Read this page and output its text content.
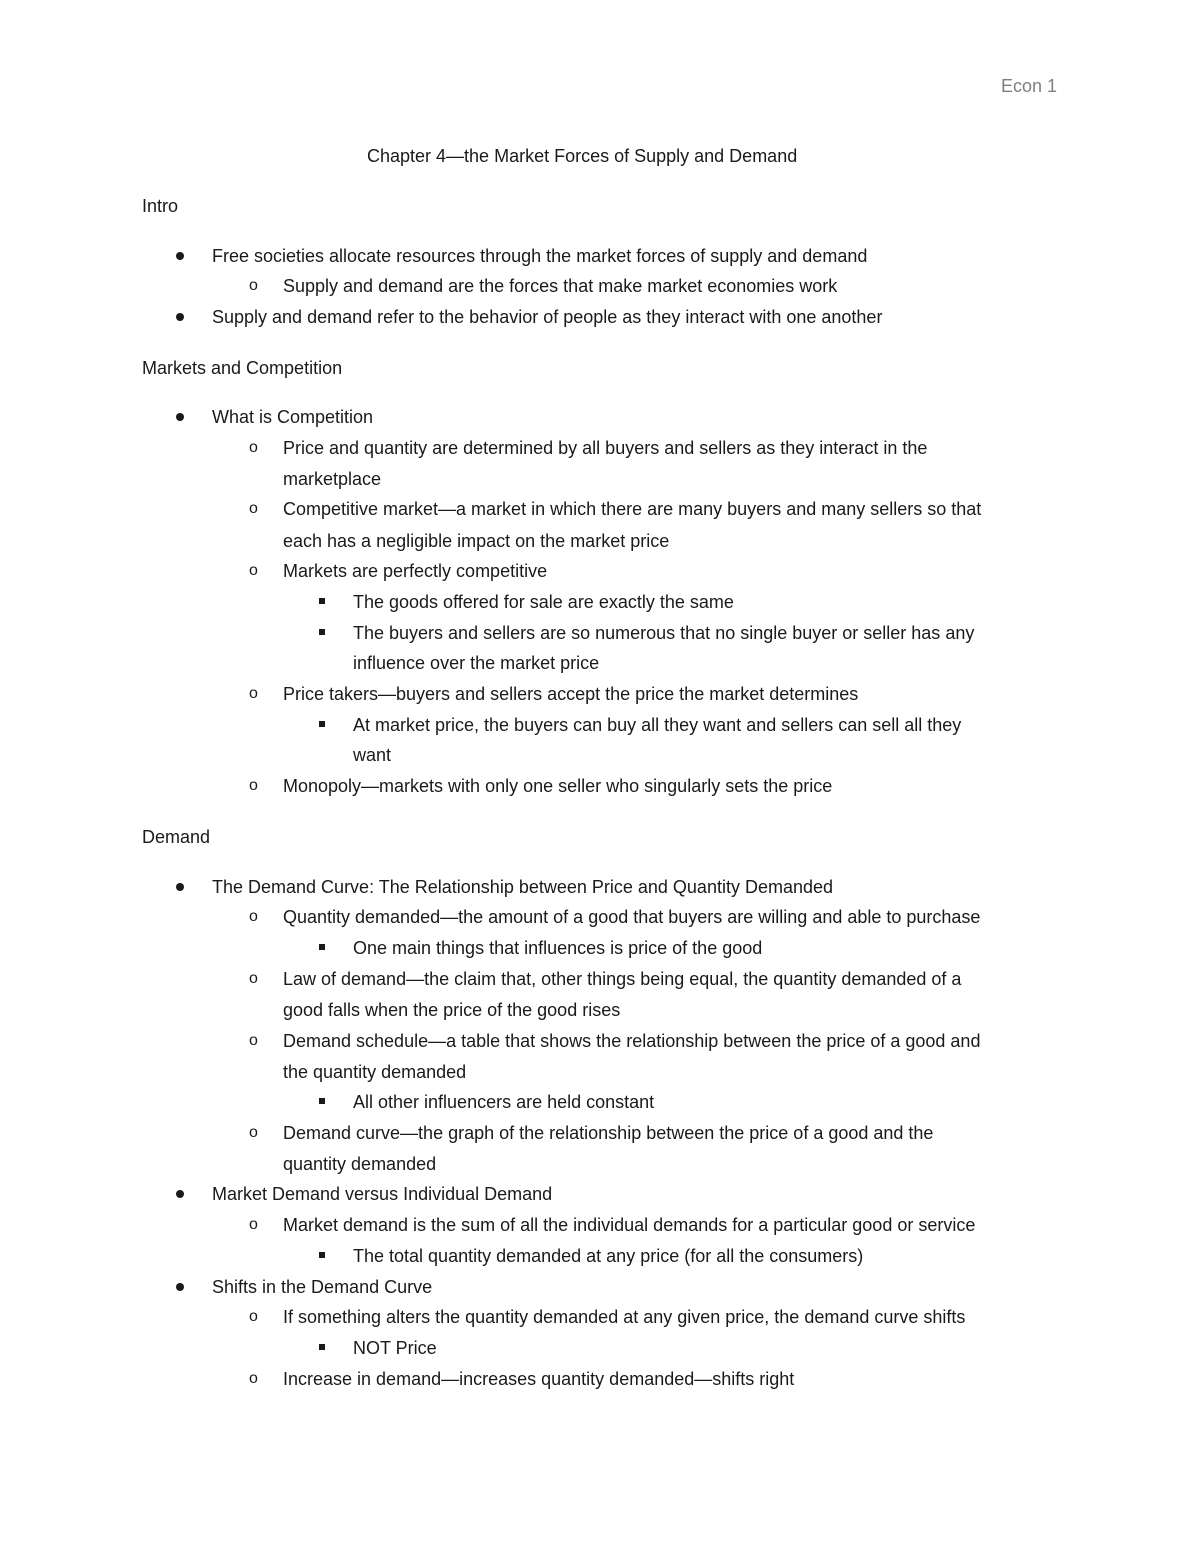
Econ 1
Chapter 4—the Market Forces of Supply and Demand
Intro
Free societies allocate resources through the market forces of supply and demand
o Supply and demand are the forces that make market economies work
Supply and demand refer to the behavior of people as they interact with one another
Markets and Competition
What is Competition
o Price and quantity are determined by all buyers and sellers as they interact in the
marketplace
o Competitive market—a market in which there are many buyers and many sellers so that
each has a negligible impact on the market price
o Markets are perfectly competitive
The goods offered for sale are exactly the same
The buyers and sellers are so numerous that no single buyer or seller has any
influence over the market price
o Price takers—buyers and sellers accept the price the market determines
At market price, the buyers can buy all they want and sellers can sell all they
want
o Monopoly—markets with only one seller who singularly sets the price
Demand
The Demand Curve: The Relationship between Price and Quantity Demanded
o Quantity demanded—the amount of a good that buyers are willing and able to purchase
One main things that influences is price of the good
o Law of demand—the claim that, other things being equal, the quantity demanded of a
good falls when the price of the good rises
o Demand schedule—a table that shows the relationship between the price of a good and
the quantity demanded
All other influencers are held constant
o Demand curve—the graph of the relationship between the price of a good and the
quantity demanded
Market Demand versus Individual Demand
o Market demand is the sum of all the individual demands for a particular good or service
The total quantity demanded at any price (for all the consumers)
Shifts in the Demand Curve
o If something alters the quantity demanded at any given price, the demand curve shifts
NOT Price
o Increase in demand—increases quantity demanded—shifts right
